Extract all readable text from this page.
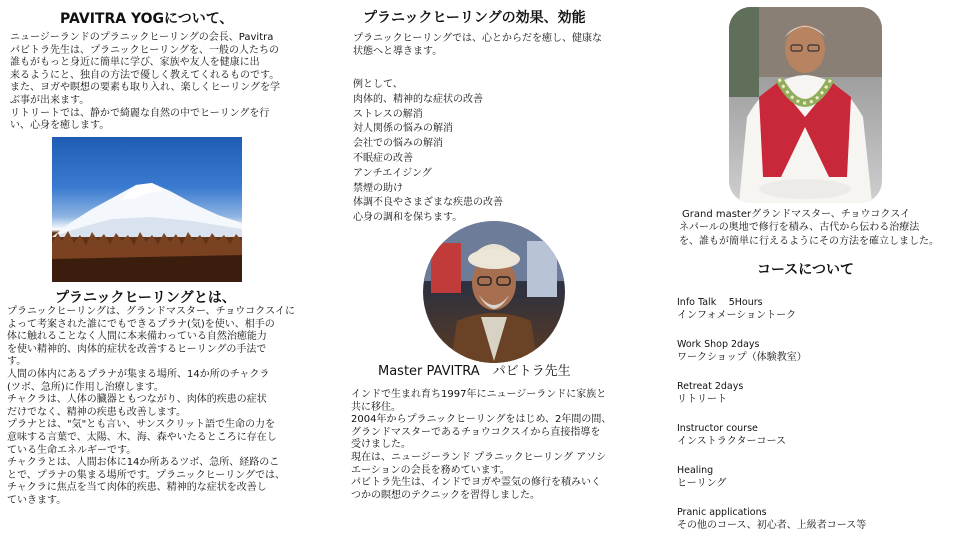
PAVITRA YOGについて、
ニュージーランドのプラニックヒーリングの会長、Pavitra
パビトラ先生は、プラニックヒーリングを、一般の人たちの
誰もがもっと身近に簡単に学び、家族や友人を健康に出
来るようにと、独自の方法で優しく教えてくれるものです。
また、ヨガや瞑想の要素も取り入れ、楽しくヒーリングを学
ぶ事が出来ます。
リトリートでは、静かで綺麗な自然の中でヒーリングを行
い、心身を癒します。
プラニックヒーリングとは、
プラニックヒーリングは、グランドマスター、チョウコクスイに
よって考案された誰にでもできるプラナ(気)を使い、相手の
体に触れることなく人間に本来備わっている自然治癒能力
を使い精神的、肉体的症状を改善するヒーリングの手法で
す。
人間の体内にあるプラナが集まる場所、14か所のチャクラ
(ツボ、急所)に作用し治療します。
チャクラは、人体の臓器ともつながり、肉体的疾患の症状
だけでなく、精神の疾患も改善します。
プラナとは、"気"とも言い、サンスクリット語で生命の力を
意味する言葉で、太陽、木、海、森やいたるところに存在し
ている生命エネルギーです。
チャクラとは、人間お体に14か所あるツボ、急所、経路のこ
とで、プラナの集まる場所です。プラニックヒーリングでは、
チャクラに焦点を当て肉体的疾患、精神的な症状を改善し
ていきます。
プラニックヒーリングの効果、効能
プラニックヒーリングでは、心とからだを癒し、健康な
状態へと導きます。
例として、
肉体的、精神的な症状の改善
ストレスの解消
対人関係の悩みの解消
会社での悩みの解消
不眠症の改善
アンチエイジング
禁煙の助け
体調不良やさまざまな疾患の改善
心身の調和を保ちます。
Master PAVITRA　パビトラ先生
インドで生まれ育ち1997年にニュージーランドに家族と
共に移住。
2004年からプラニックヒーリングをはじめ、2年間の間、
グランドマスターであるチョウコクスイから直接指導を
受けました。
現在は、ニュージーランド プラニックヒーリング アソシ
エーションの会長を務めています。
パビトラ先生は、インドでヨガや霊気の修行を積みいく
つかの瞑想のテクニックを習得しました。
Grand masterグランドマスター、チョウコクスイ
ネパールの奥地で修行を積み、古代から伝わる治療法
を、誰もが簡単に行えるようにその方法を確立しました。
コースについて
Info Talk　 5Hours
インフォメーショントーク
Work Shop 2days
ワークショップ（体験教室）
Retreat 2days
リトリート
Instructor course
インストラクターコース
Healing
ヒーリング
Pranic applications
その他のコース、初心者、上級者コース等
